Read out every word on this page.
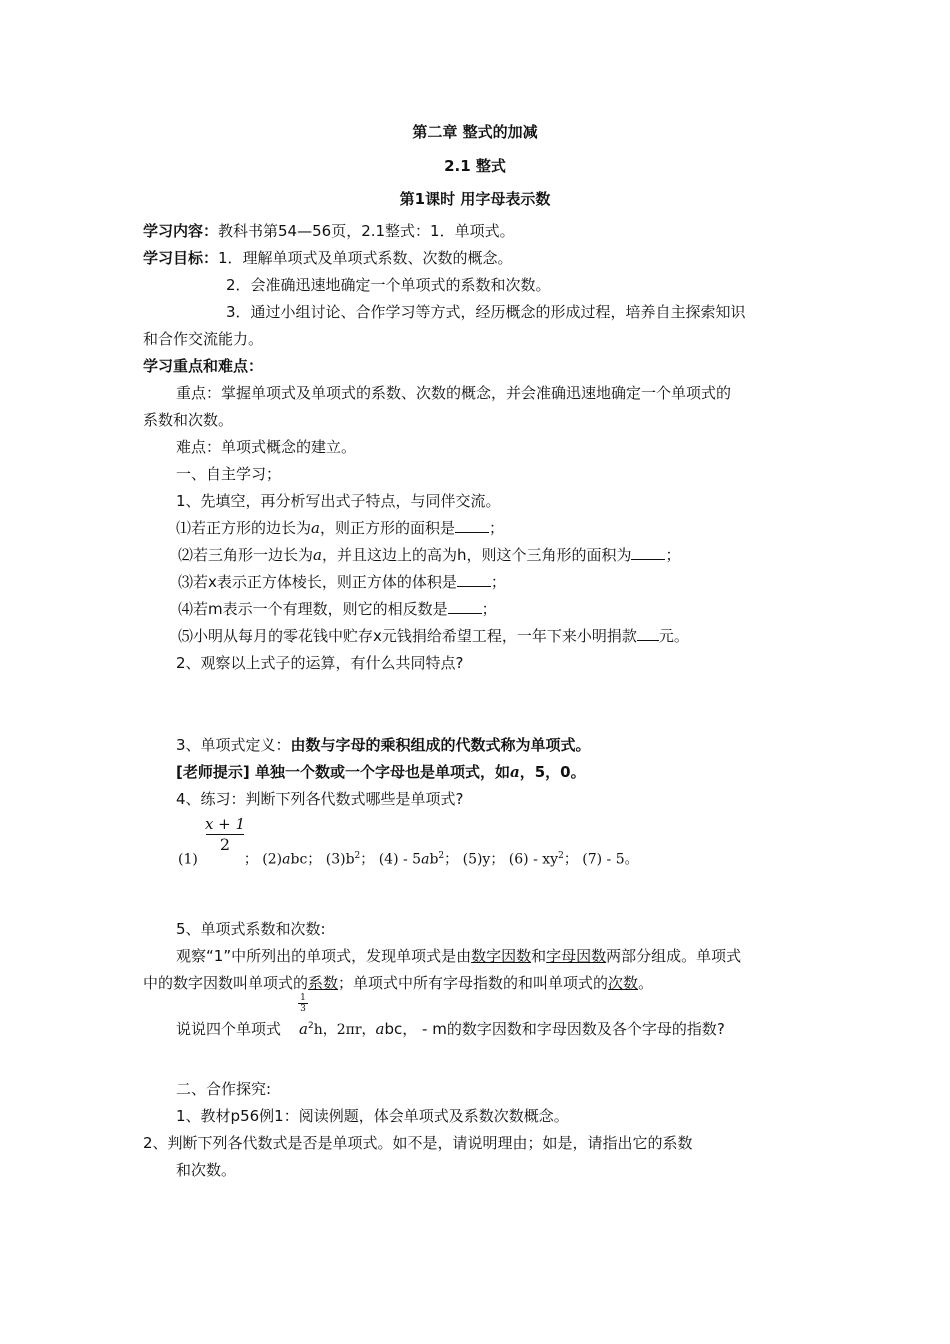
第二章 整式的加减
2.1 整式
第1课时 用字母表示数
学习内容：教科书第54—56页，2.1整式：1．单项式。
学习目标：1．理解单项式及单项式系数、次数的概念。
2．会准确迅速地确定一个单项式的系数和次数。
3．通过小组讨论、合作学习等方式，经历概念的形成过程，培养自主探索知识
和合作交流能力。
学习重点和难点：
重点：掌握单项式及单项式的系数、次数的概念，并会准确迅速地确定一个单项式的
系数和次数。
难点：单项式概念的建立。
一、自主学习；
1、先填空，再分析写出式子特点，与同伴交流。
⑴若正方形的边长为a，则正方形的面积是 ；
⑵若三角形一边长为a，并且这边上的高为h，则这个三角形的面积为 ；
⑶若x表示正方体棱长，则正方体的体积是 ；
⑷若m表示一个有理数，则它的相反数是 ；
⑸小明从每月的零花钱中贮存x元钱捐给希望工程，一年下来小明捐款 元。
2、观察以上式子的运算，有什么共同特点?
3、单项式定义：由数与字母的乘积组成的代数式称为单项式。
[老师提示] 单独一个数或一个字母也是单项式，如a，5，0。
4、练习：判断下列各代数式哪些是单项式?
x + 1
2
(1)	； (2)abc； $(3)b^2$； $(4) - 5ab^2$； (5)y； $(6) - xy^2$； (7) - 5。
5、单项式系数和次数:
观察“1”中所列出的单项式，发现单项式是由数字因数和字母因数两部分组成。单项式
中的数字因数叫单项式的系数；单项式中所有字母指数的和叫单项式的次数。
1
3
说说四个单项式 $a^2h$，2πr，abc， - m的数字因数和字母因数及各个字母的指数?
二、合作探究:
1、教材p56例1：阅读例题，体会单项式及系数次数概念。
2、判断下列各代数式是否是单项式。如不是，请说明理由；如是，请指出它的系数
和次数。
